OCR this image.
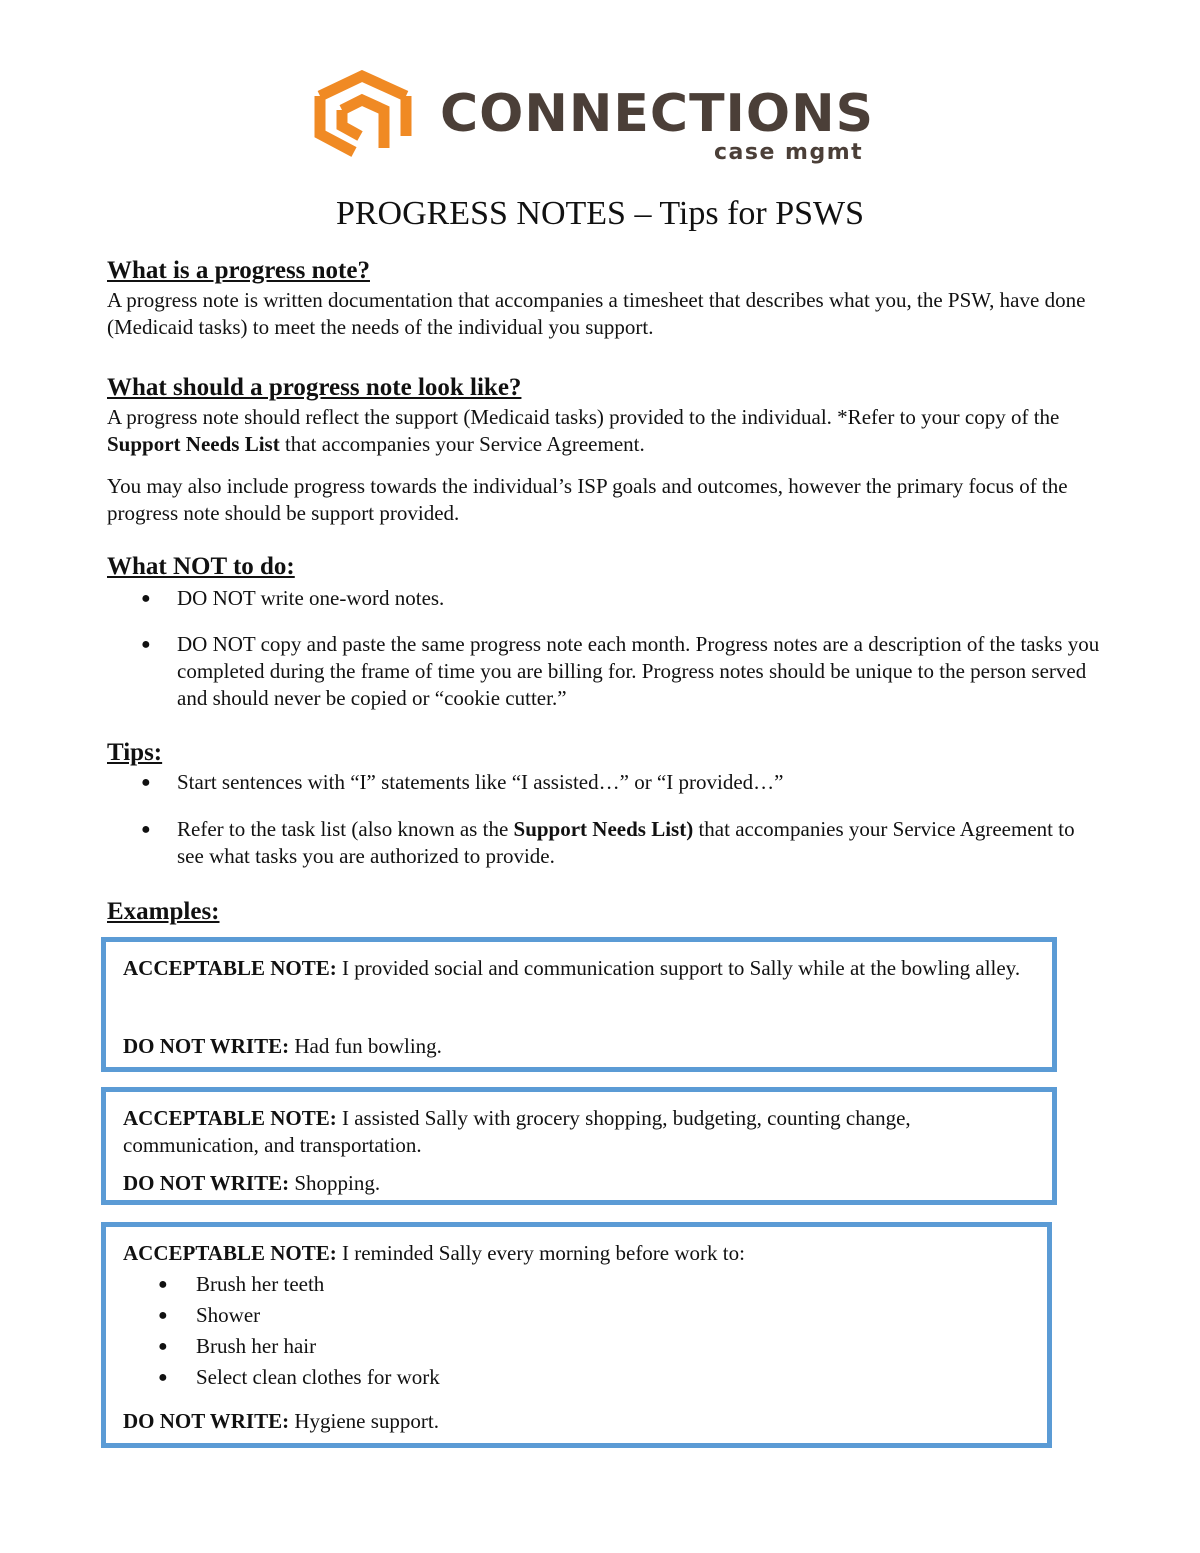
CONNECTIONS
case mgmt
PROGRESS NOTES – Tips for PSWS
What is a progress note?
A progress note is written documentation that accompanies a timesheet that describes what you, the PSW, have done (Medicaid tasks) to meet the needs of the individual you support.
What should a progress note look like?
A progress note should reflect the support (Medicaid tasks) provided to the individual. *Refer to your copy of the Support Needs List that accompanies your Service Agreement.
You may also include progress towards the individual’s ISP goals and outcomes, however the primary focus of the progress note should be support provided.
What NOT to do:
●	DO NOT write one-word notes.
●	DO NOT copy and paste the same progress note each month. Progress notes are a description of the tasks you completed during the frame of time you are billing for. Progress notes should be unique to the person served and should never be copied or “cookie cutter.”
Tips:
●	Start sentences with “I” statements like “I assisted…” or “I provided…”
●	Refer to the task list (also known as the Support Needs List) that accompanies your Service Agreement to see what tasks you are authorized to provide.
Examples:
ACCEPTABLE NOTE: I provided social and communication support to Sally while at the bowling alley.
DO NOT WRITE: Had fun bowling.
ACCEPTABLE NOTE: I assisted Sally with grocery shopping, budgeting, counting change, communication, and transportation.
DO NOT WRITE: Shopping.
ACCEPTABLE NOTE: I reminded Sally every morning before work to:
●	Brush her teeth
●	Shower
●	Brush her hair
●	Select clean clothes for work
DO NOT WRITE: Hygiene support.
